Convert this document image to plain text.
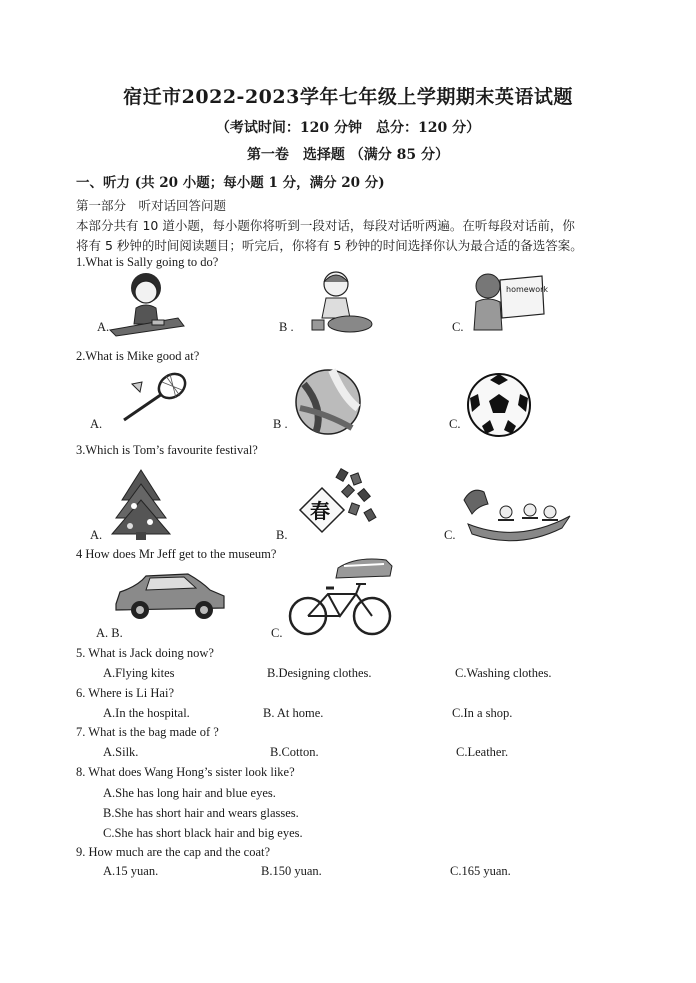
宿迁市2022-2023学年七年级上学期期末英语试题
（考试时间：120 分钟　总分：120 分）
第一卷　选择题 （满分 85 分）
一、听力 (共 20 小题；每小题 1 分，满分 20 分)
第一部分　听对话回答问题
本部分共有 10 道小题，每小题你将听到一段对话，每段对话听两遍。在听每段对话前，你
将有 5 秒钟的时间阅读题目；听完后，你将有 5 秒钟的时间选择你认为最合适的备选答案。
1.What is Sally going to do?
A.	B .
homework
C.
2.What is Mike good at?
A.	B .	C.
3.Which is Tom’s favourite festival?
A.
春
B.	C.
4 How does Mr Jeff get to the museum?
A. B.	C.
5. What is Jack doing now?
A.Flying kites	B.Designing clothes.	C.Washing clothes.
6. Where is Li Hai?
A.In the hospital.	B. At home.	C.In a shop.
7. What is the bag made of ?
A.Silk.	B.Cotton.	C.Leather.
8. What does Wang Hong’s sister look like?
A.She has long hair and blue eyes.
B.She has short hair and wears glasses.
C.She has short black hair and big eyes.
9. How much are the cap and the coat?
A.15 yuan.	B.150 yuan.	C.165 yuan.
